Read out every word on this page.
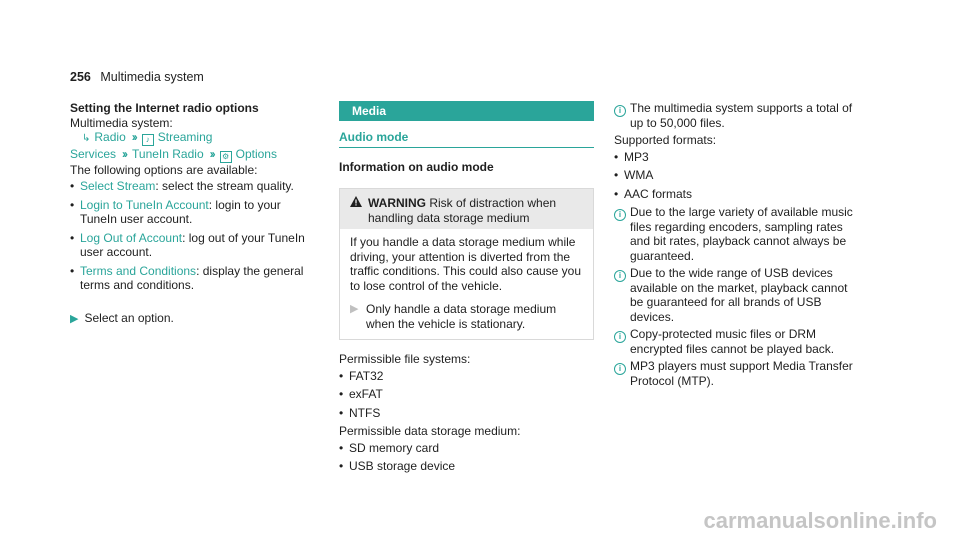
256 Multimedia system

Setting the Internet radio options

Multimedia system:

↳ Radio ›› ♪ Streaming

Services ›› TuneIn Radio ›› ⚙ Options

The following options are available:

• Select Stream: select the stream quality.
• Login to TuneIn Account: login to your TuneIn user account.
• Log Out of Account: log out of your TuneIn user account.
• Terms and Conditions: display the general terms and conditions.

▶ Select an option.

Media
Audio mode

Information on audio mode

WARNING Risk of distraction when handling data storage medium

If you handle a data storage medium while driving, your attention is diverted from the traffic conditions. This could also cause you to lose control of the vehicle.

▶ Only handle a data storage medium when the vehicle is stationary.

Permissible file systems:

• FAT32
• exFAT
• NTFS

Permissible data storage medium:

• SD memory card
• USB storage device
i The multimedia system supports a total of up to 50,000 files.

Supported formats:

• MP3
• WMA
• AAC formats
i Due to the large variety of available music files regarding encoders, sampling rates and bit rates, playback cannot always be guaranteed.
i Due to the wide range of USB devices available on the market, playback cannot be guaranteed for all brands of USB devices.
i Copy-protected music files or DRM encrypted files cannot be played back.
i MP3 players must support Media Transfer Protocol (MTP).
carmanualsonline.info
